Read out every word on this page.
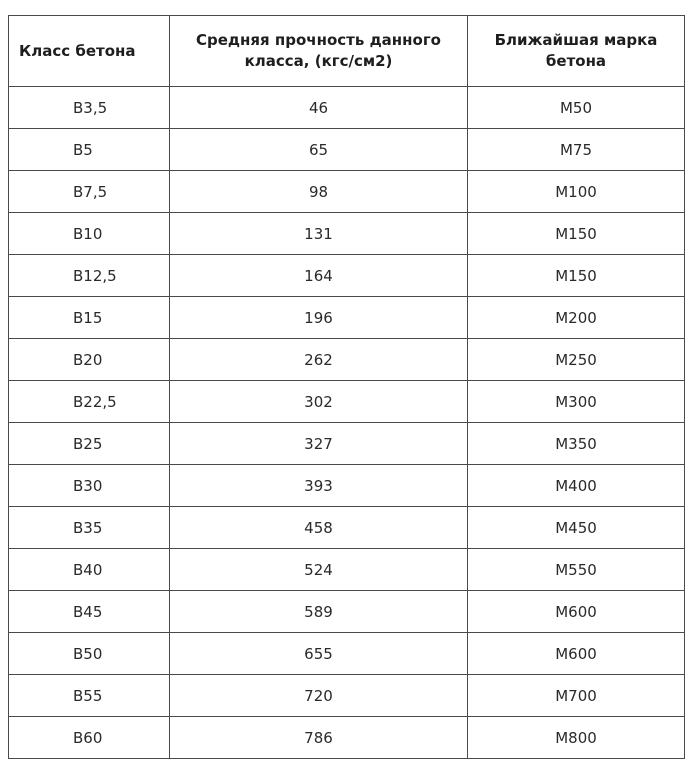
Класс бетона	Средняя прочность данного класса, (кгс/см2)	Ближайшая марка бетона
B3,5	46	M50
B5	65	M75
B7,5	98	M100
B10	131	M150
B12,5	164	M150
B15	196	M200
B20	262	M250
B22,5	302	M300
B25	327	M350
B30	393	M400
B35	458	M450
B40	524	M550
B45	589	M600
B50	655	M600
B55	720	M700
B60	786	M800
